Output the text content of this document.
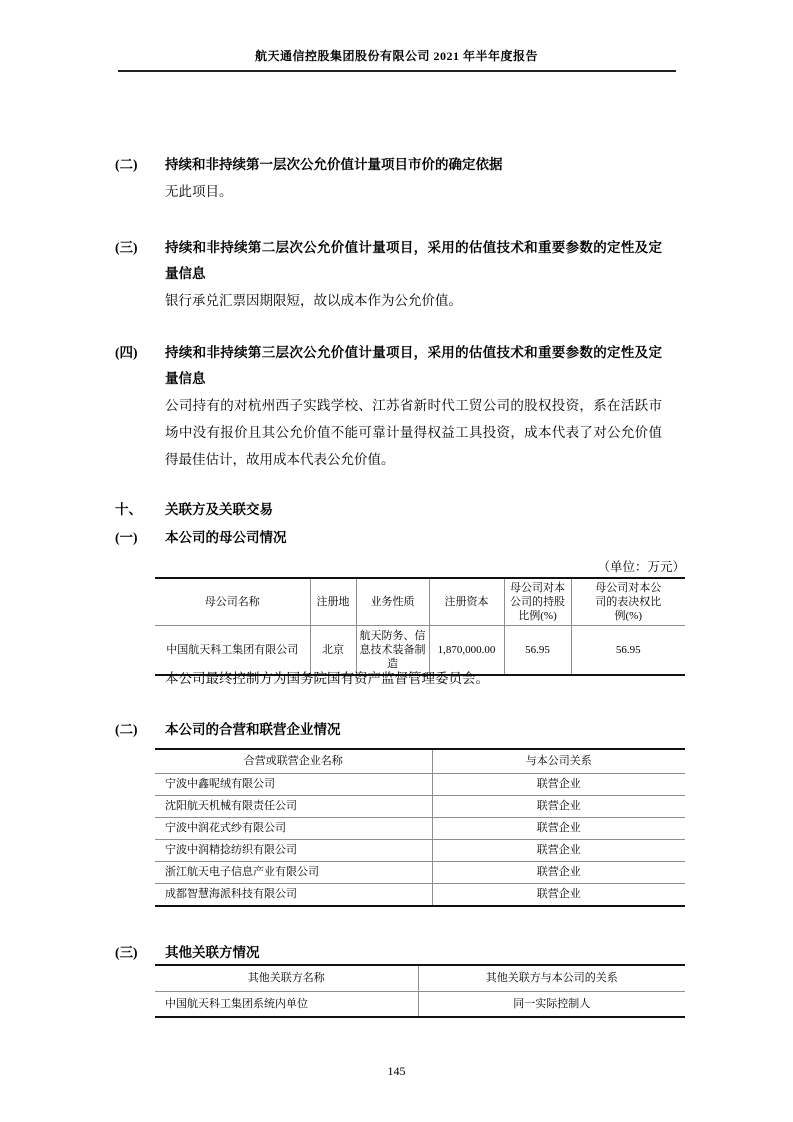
航天通信控股集团股份有限公司 2021 年半年度报告
(二)	持续和非持续第一层次公允价值计量项目市价的确定依据
无此项目。
(三)	持续和非持续第二层次公允价值计量项目，采用的估值技术和重要参数的定性及定量信息
银行承兑汇票因期限短，故以成本作为公允价值。
(四)	持续和非持续第三层次公允价值计量项目，采用的估值技术和重要参数的定性及定量信息
公司持有的对杭州西子实践学校、江苏省新时代工贸公司的股权投资，系在活跃市场中没有报价且其公允价值不能可靠计量得权益工具投资，成本代表了对公允价值得最佳估计，故用成本代表公允价值。
十、	关联方及关联交易
(一)	本公司的母公司情况
（单位：万元）
母公司名称	注册地	业务性质	注册资本	母公司对本公司的持股比例(%)	母公司对本公司的表决权比例(%)
中国航天科工集团有限公司	北京	航天防务、信息技术装备制造	1,870,000.00	56.95	56.95
本公司最终控制方为国务院国有资产监督管理委员会。
(二)	本公司的合营和联营企业情况
合营或联营企业名称	与本公司关系
宁波中鑫呢绒有限公司	联营企业
沈阳航天机械有限责任公司	联营企业
宁波中润花式纱有限公司	联营企业
宁波中润精捻纺织有限公司	联营企业
浙江航天电子信息产业有限公司	联营企业
成都智慧海派科技有限公司	联营企业
(三)	其他关联方情况
其他关联方名称	其他关联方与本公司的关系
中国航天科工集团系统内单位	同一实际控制人
145
